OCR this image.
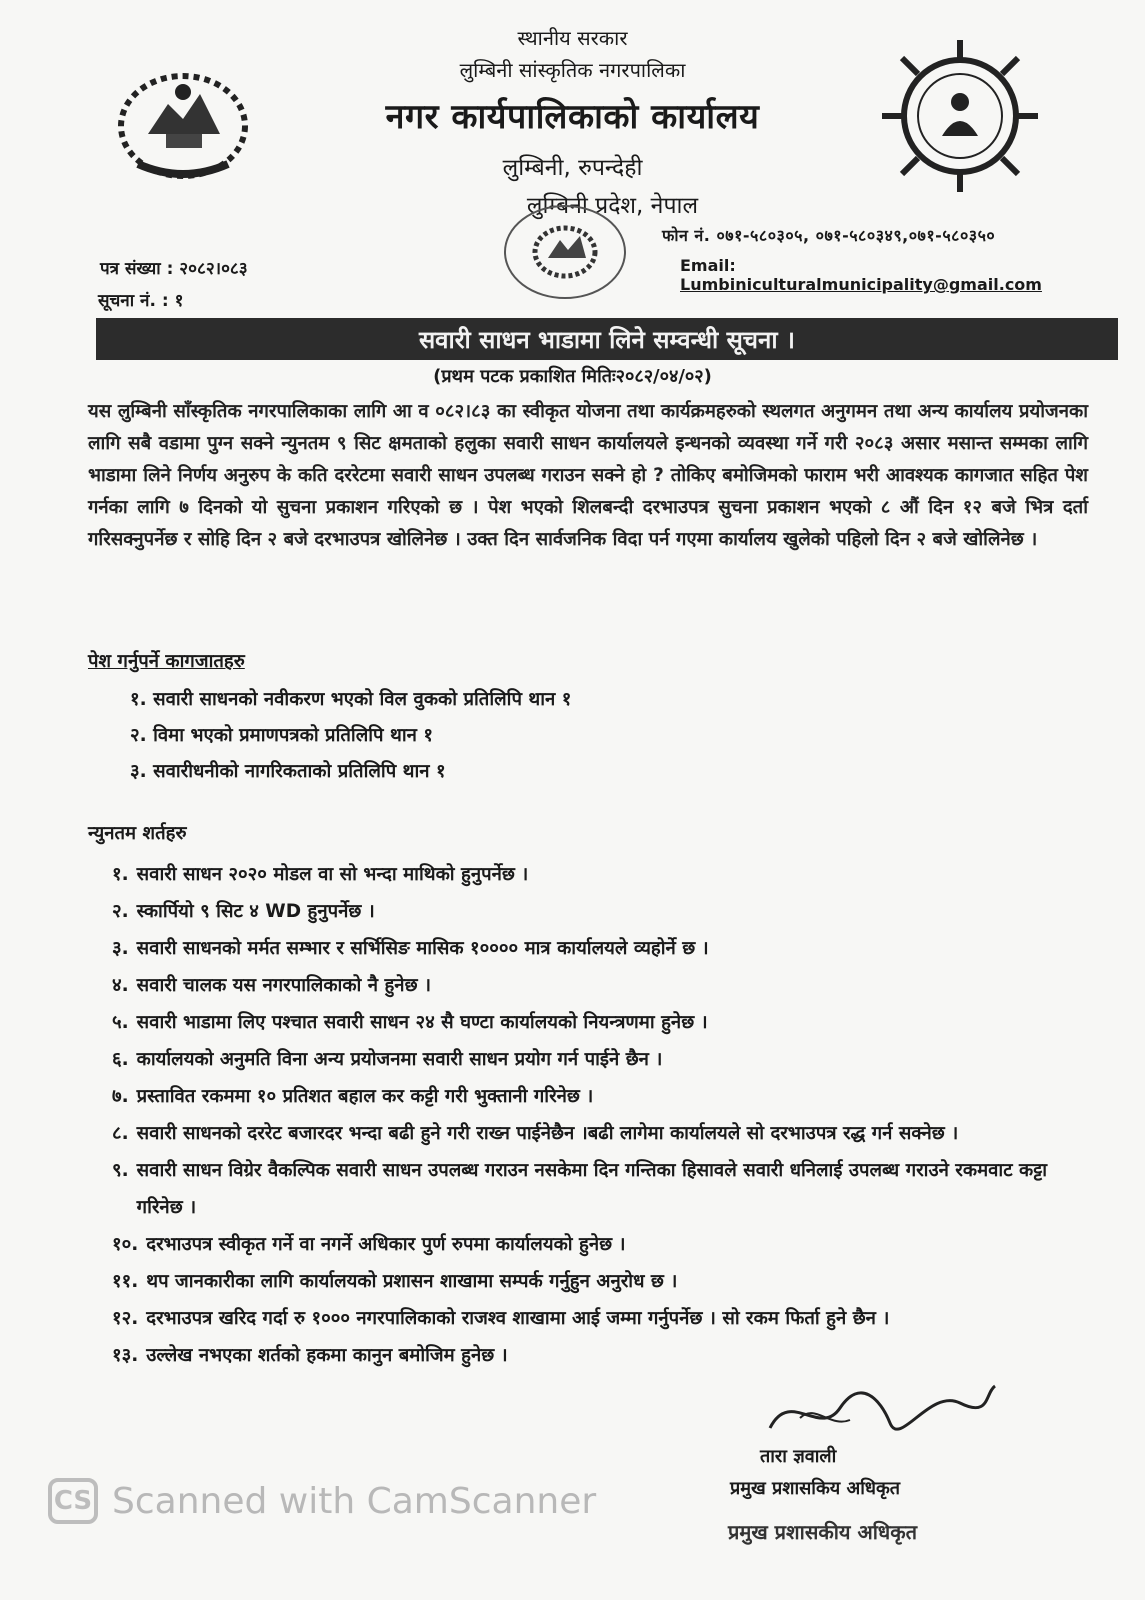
स्थानीय सरकार
लुम्बिनी सांस्कृतिक नगरपालिका
नगर कार्यपालिकाको कार्यालय
लुम्बिनी, रुपन्देही
लुम्बिनी प्रदेश, नेपाल
फोन नं. ०७१-५८०३०५, ०७१-५८०३४९,०७१-५८०३५०
Email: Lumbiniculturalmunicipality@gmail.com
पत्र संख्या : २०८२।०८३
सूचना नं. : १
सवारी साधन भाडामा लिने सम्वन्धी सूचना ।
(प्रथम पटक प्रकाशित मितिः२०८२/०४/०२)
यस लुम्बिनी साँस्कृतिक नगरपालिकाका लागि आ व ०८२।८३ का स्वीकृत योजना तथा कार्यक्रमहरुको स्थलगत अनुगमन तथा अन्य कार्यालय प्रयोजनका लागि सबै वडामा पुग्न सक्ने न्युनतम ९ सिट क्षमताको हलुका सवारी साधन कार्यालयले इन्धनको व्यवस्था गर्ने गरी २०८३ असार मसान्त सम्मका लागि भाडामा लिने निर्णय अनुरुप के कति दररेटमा सवारी साधन उपलब्ध गराउन सक्ने हो ? तोकिए बमोजिमको फाराम भरी आवश्यक कागजात सहित पेश गर्नका लागि ७ दिनको यो सुचना प्रकाशन गरिएको छ । पेश भएको शिलबन्दी दरभाउपत्र सुचना प्रकाशन भएको ८ औं दिन १२ बजे भित्र दर्ता गरिसक्नुपर्नेछ र सोहि दिन २ बजे दरभाउपत्र खोलिनेछ । उक्त दिन सार्वजनिक विदा पर्न गएमा कार्यालय खुलेको पहिलो दिन २ बजे खोलिनेछ ।
पेश गर्नुपर्ने कागजातहरु
१. सवारी साधनको नवीकरण भएको विल वुकको प्रतिलिपि थान १
२. विमा भएको प्रमाणपत्रको प्रतिलिपि थान १
३. सवारीधनीको नागरिकताको प्रतिलिपि थान १
न्युनतम शर्तहरु
१. सवारी साधन २०२० मोडल वा सो भन्दा माथिको हुनुपर्नेछ ।
२. स्कार्पियो ९ सिट ४ WD हुनुपर्नेछ ।
३. सवारी साधनको मर्मत सम्भार र सर्भिसिङ मासिक १०००० मात्र कार्यालयले व्यहोर्ने छ ।
४. सवारी चालक यस नगरपालिकाको नै हुनेछ ।
५. सवारी भाडामा लिए पश्चात सवारी साधन २४ सै घण्टा कार्यालयको नियन्त्रणमा हुनेछ ।
६. कार्यालयको अनुमति विना अन्य प्रयोजनमा सवारी साधन प्रयोग गर्न पाईने छैन ।
७. प्रस्तावित रकममा १० प्रतिशत बहाल कर कट्टी गरी भुक्तानी गरिनेछ ।
८. सवारी साधनको दररेट बजारदर भन्दा बढी हुने गरी राख्न पाईनेछैन ।बढी लागेमा कार्यालयले सो दरभाउपत्र रद्ध गर्न सक्नेछ ।
९. सवारी साधन विग्रेर वैकल्पिक सवारी साधन उपलब्ध गराउन नसकेमा दिन गन्तिका हिसावले सवारी धनिलाई उपलब्ध गराउने रकमवाट कट्टा गरिनेछ ।
१०. दरभाउपत्र स्वीकृत गर्ने वा नगर्ने अधिकार पुर्ण रुपमा कार्यालयको हुनेछ ।
११. थप जानकारीका लागि कार्यालयको प्रशासन शाखामा सम्पर्क गर्नुहुन अनुरोध छ ।
१२. दरभाउपत्र खरिद गर्दा रु १००० नगरपालिकाको राजश्व शाखामा आई जम्मा गर्नुपर्नेछ । सो रकम फिर्ता हुने छैन ।
१३. उल्लेख नभएका शर्तको हकमा कानुन बमोजिम हुनेछ ।
तारा ज्ञवाली
प्रमुख प्रशासकिय अधिकृत
प्रमुख प्रशासकीय अधिकृत
CS Scanned with CamScanner
